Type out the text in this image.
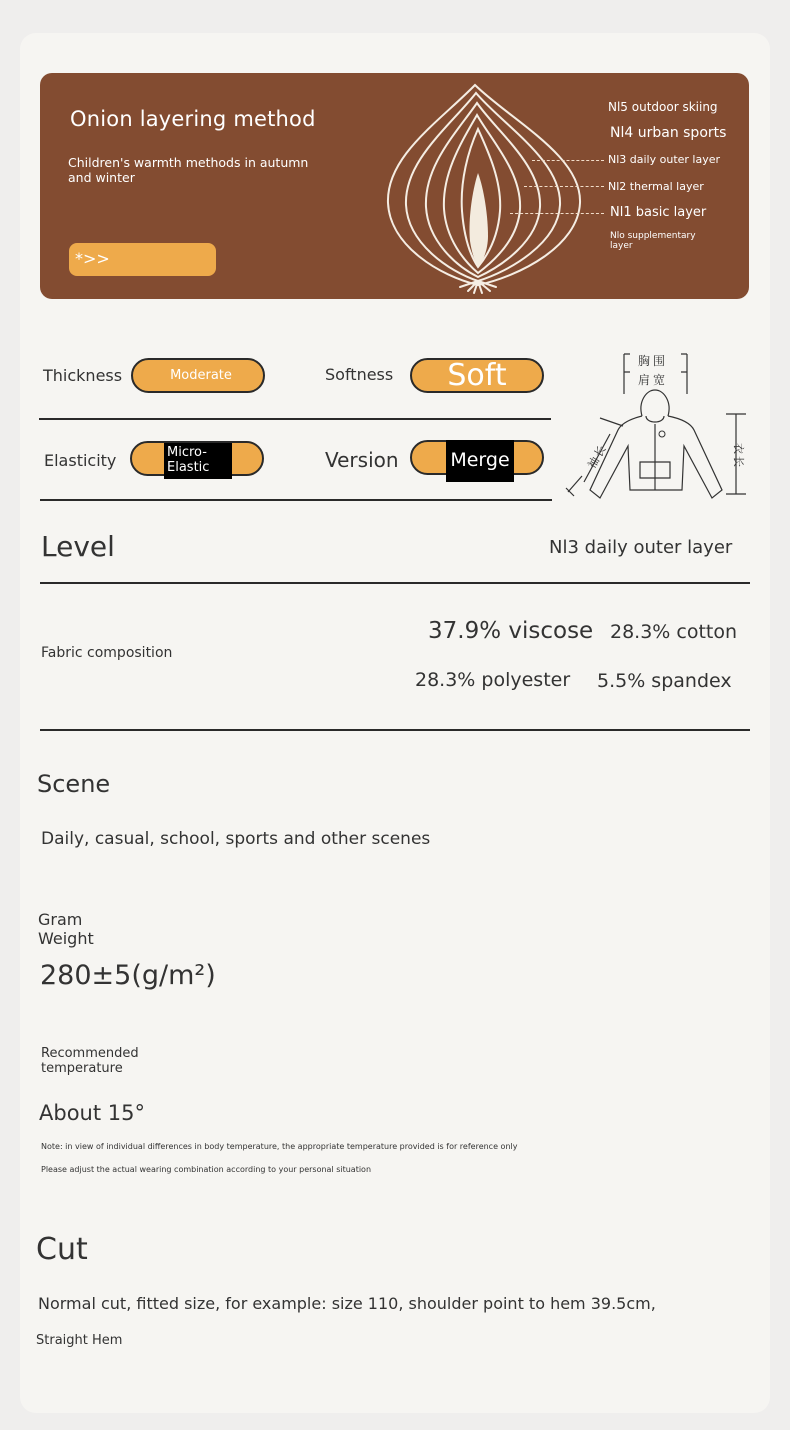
Onion layering method
Children's warmth methods in autumn and winter
*>>
Nl5 outdoor skiing
Nl4 urban sports
Nl3 daily outer layer
Nl2 thermal layer
Nl1 basic layer
Nlo supplementary layer
Thickness	Moderate	Softness	Soft
Elasticity	Micro-Elastic	Version	Merge
胸围
肩宽
袖长	衣长
Level	Nl3 daily outer layer
Fabric composition
37.9% viscose 28.3% cotton
28.3% polyester 5.5% spandex
Scene
Daily, casual, school, sports and other scenes
Gram
Weight
280±5(g/m²)
Recommended
temperature
About 15°
Note: in view of individual differences in body temperature, the appropriate temperature provided is for reference only
Please adjust the actual wearing combination according to your personal situation
Cut
Normal cut, fitted size, for example: size 110, shoulder point to hem 39.5cm,
Straight Hem
